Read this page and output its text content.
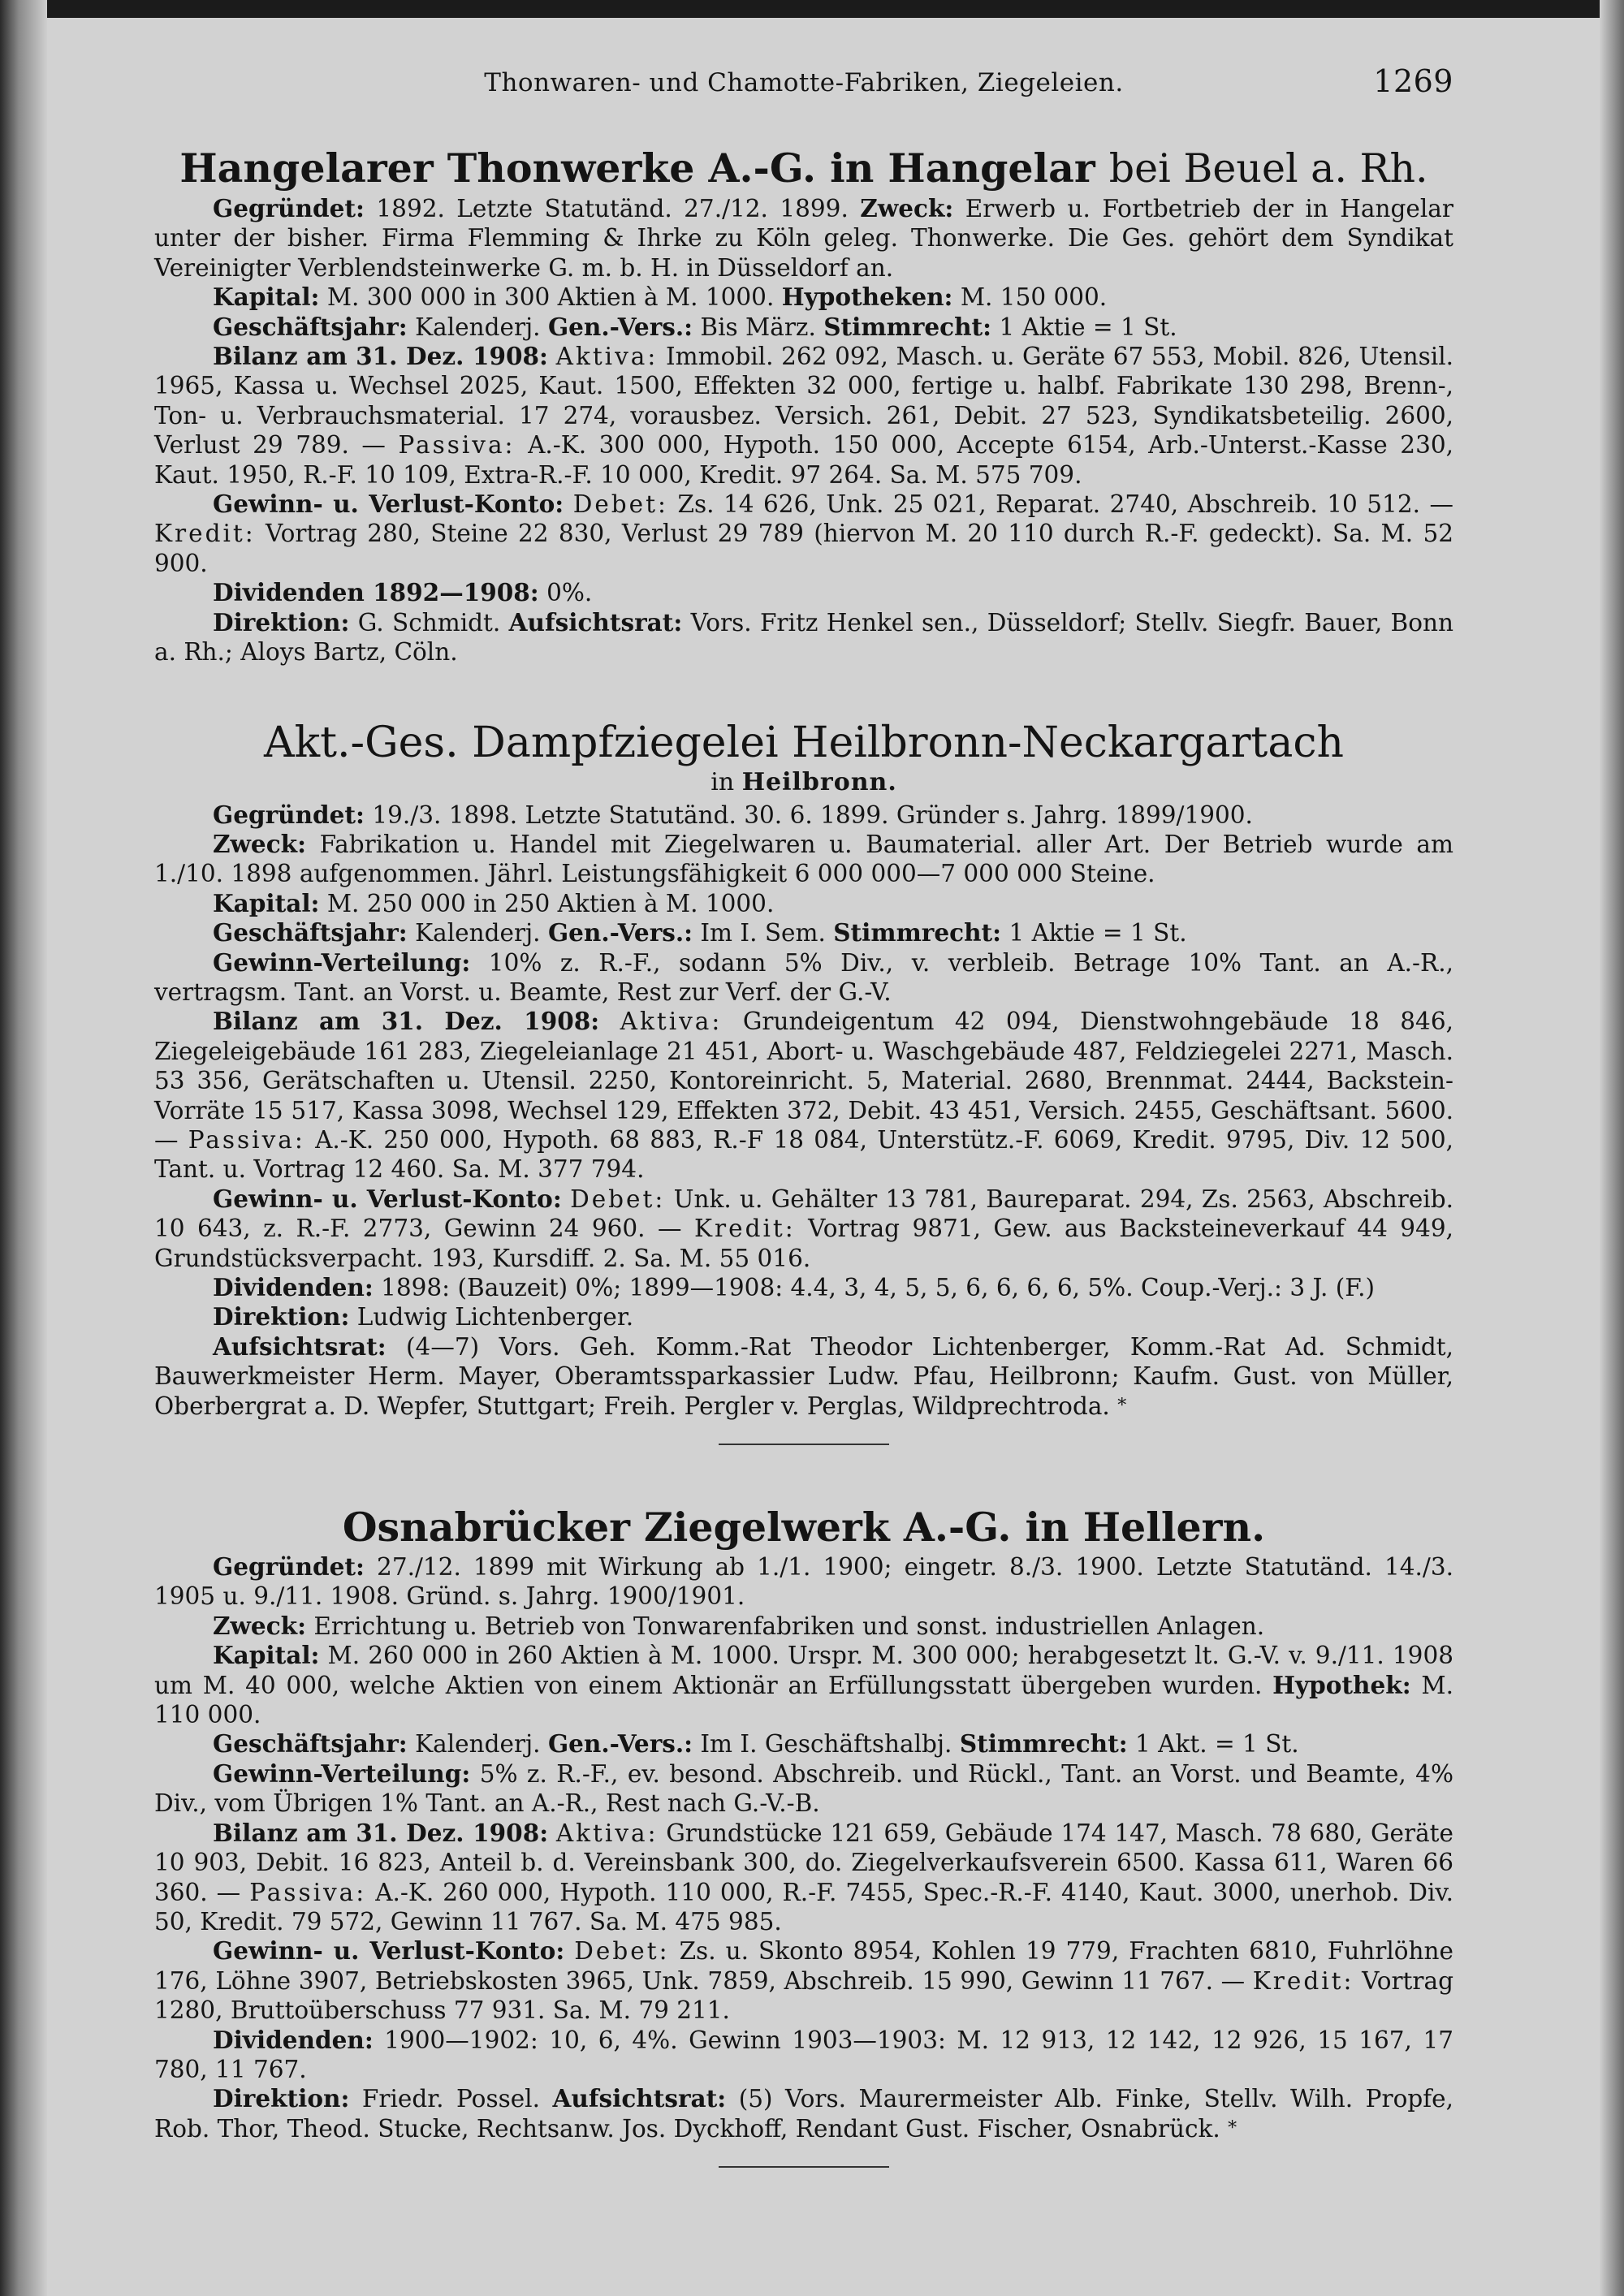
Thonwaren- und Chamotte-Fabriken, Ziegeleien.	1269

Hangelarer Thonwerke A.-G. in Hangelar bei Beuel a. Rh.

Gegründet: 1892. Letzte Statutänd. 27./12. 1899. Zweck: Erwerb u. Fortbetrieb der in Hangelar unter der bisher. Firma Flemming & Ihrke zu Köln geleg. Thonwerke. Die Ges. gehört dem Syndikat Vereinigter Verblendsteinwerke G. m. b. H. in Düsseldorf an.

Kapital: M. 300 000 in 300 Aktien à M. 1000. Hypotheken: M. 150 000.

Geschäftsjahr: Kalenderj. Gen.-Vers.: Bis März. Stimmrecht: 1 Aktie = 1 St.

Bilanz am 31. Dez. 1908: Aktiva: Immobil. 262 092, Masch. u. Geräte 67 553, Mobil. 826, Utensil. 1965, Kassa u. Wechsel 2025, Kaut. 1500, Effekten 32 000, fertige u. halbf. Fabrikate 130 298, Brenn-, Ton- u. Verbrauchsmaterial. 17 274, vorausbez. Versich. 261, Debit. 27 523, Syndikatsbeteilig. 2600, Verlust 29 789. — Passiva: A.-K. 300 000, Hypoth. 150 000, Accepte 6154, Arb.-Unterst.-Kasse 230, Kaut. 1950, R.-F. 10 109, Extra-R.-F. 10 000, Kredit. 97 264. Sa. M. 575 709.

Gewinn- u. Verlust-Konto: Debet: Zs. 14 626, Unk. 25 021, Reparat. 2740, Abschreib. 10 512. — Kredit: Vortrag 280, Steine 22 830, Verlust 29 789 (hiervon M. 20 110 durch R.-F. gedeckt). Sa. M. 52 900.

Dividenden 1892—1908: 0%.

Direktion: G. Schmidt. Aufsichtsrat: Vors. Fritz Henkel sen., Düsseldorf; Stellv. Siegfr. Bauer, Bonn a. Rh.; Aloys Bartz, Cöln.

Akt.-Ges. Dampfziegelei Heilbronn-Neckargartach

in Heilbronn.

Gegründet: 19./3. 1898. Letzte Statutänd. 30. 6. 1899. Gründer s. Jahrg. 1899/1900.

Zweck: Fabrikation u. Handel mit Ziegelwaren u. Baumaterial. aller Art. Der Betrieb wurde am 1./10. 1898 aufgenommen. Jährl. Leistungsfähigkeit 6 000 000—7 000 000 Steine.

Kapital: M. 250 000 in 250 Aktien à M. 1000.

Geschäftsjahr: Kalenderj. Gen.-Vers.: Im I. Sem. Stimmrecht: 1 Aktie = 1 St.

Gewinn-Verteilung: 10% z. R.-F., sodann 5% Div., v. verbleib. Betrage 10% Tant. an A.-R., vertragsm. Tant. an Vorst. u. Beamte, Rest zur Verf. der G.-V.

Bilanz am 31. Dez. 1908: Aktiva: Grundeigentum 42 094, Dienstwohngebäude 18 846, Ziegeleigebäude 161 283, Ziegeleianlage 21 451, Abort- u. Waschgebäude 487, Feldziegelei 2271, Masch. 53 356, Gerätschaften u. Utensil. 2250, Kontoreinricht. 5, Material. 2680, Brennmat. 2444, Backstein-Vorräte 15 517, Kassa 3098, Wechsel 129, Effekten 372, Debit. 43 451, Versich. 2455, Geschäftsant. 5600. — Passiva: A.-K. 250 000, Hypoth. 68 883, R.-F 18 084, Unterstütz.-F. 6069, Kredit. 9795, Div. 12 500, Tant. u. Vortrag 12 460. Sa. M. 377 794.

Gewinn- u. Verlust-Konto: Debet: Unk. u. Gehälter 13 781, Baureparat. 294, Zs. 2563, Abschreib. 10 643, z. R.-F. 2773, Gewinn 24 960. — Kredit: Vortrag 9871, Gew. aus Backsteineverkauf 44 949, Grundstücksverpacht. 193, Kursdiff. 2. Sa. M. 55 016.

Dividenden: 1898: (Bauzeit) 0%; 1899—1908: 4.4, 3, 4, 5, 5, 6, 6, 6, 6, 5%. Coup.-Verj.: 3 J. (F.)

Direktion: Ludwig Lichtenberger.

Aufsichtsrat: (4—7) Vors. Geh. Komm.-Rat Theodor Lichtenberger, Komm.-Rat Ad. Schmidt, Bauwerkmeister Herm. Mayer, Oberamtssparkassier Ludw. Pfau, Heilbronn; Kaufm. Gust. von Müller, Oberbergrat a. D. Wepfer, Stuttgart; Freih. Pergler v. Perglas, Wildprechtroda. *

Osnabrücker Ziegelwerk A.-G. in Hellern.

Gegründet: 27./12. 1899 mit Wirkung ab 1./1. 1900; eingetr. 8./3. 1900. Letzte Statutänd. 14./3. 1905 u. 9./11. 1908. Gründ. s. Jahrg. 1900/1901.

Zweck: Errichtung u. Betrieb von Tonwarenfabriken und sonst. industriellen Anlagen.

Kapital: M. 260 000 in 260 Aktien à M. 1000. Urspr. M. 300 000; herabgesetzt lt. G.-V. v. 9./11. 1908 um M. 40 000, welche Aktien von einem Aktionär an Erfüllungsstatt übergeben wurden. Hypothek: M. 110 000.

Geschäftsjahr: Kalenderj. Gen.-Vers.: Im I. Geschäftshalbj. Stimmrecht: 1 Akt. = 1 St.

Gewinn-Verteilung: 5% z. R.-F., ev. besond. Abschreib. und Rückl., Tant. an Vorst. und Beamte, 4% Div., vom Übrigen 1% Tant. an A.-R., Rest nach G.-V.-B.

Bilanz am 31. Dez. 1908: Aktiva: Grundstücke 121 659, Gebäude 174 147, Masch. 78 680, Geräte 10 903, Debit. 16 823, Anteil b. d. Vereinsbank 300, do. Ziegelverkaufsverein 6500. Kassa 611, Waren 66 360. — Passiva: A.-K. 260 000, Hypoth. 110 000, R.-F. 7455, Spec.-R.-F. 4140, Kaut. 3000, unerhob. Div. 50, Kredit. 79 572, Gewinn 11 767. Sa. M. 475 985.

Gewinn- u. Verlust-Konto: Debet: Zs. u. Skonto 8954, Kohlen 19 779, Frachten 6810, Fuhrlöhne 176, Löhne 3907, Betriebskosten 3965, Unk. 7859, Abschreib. 15 990, Gewinn 11 767. — Kredit: Vortrag 1280, Bruttoüberschuss 77 931. Sa. M. 79 211.

Dividenden: 1900—1902: 10, 6, 4%. Gewinn 1903—1903: M. 12 913, 12 142, 12 926, 15 167, 17 780, 11 767.

Direktion: Friedr. Possel. Aufsichtsrat: (5) Vors. Maurermeister Alb. Finke, Stellv. Wilh. Propfe, Rob. Thor, Theod. Stucke, Rechtsanw. Jos. Dyckhoff, Rendant Gust. Fischer, Osnabrück. *
